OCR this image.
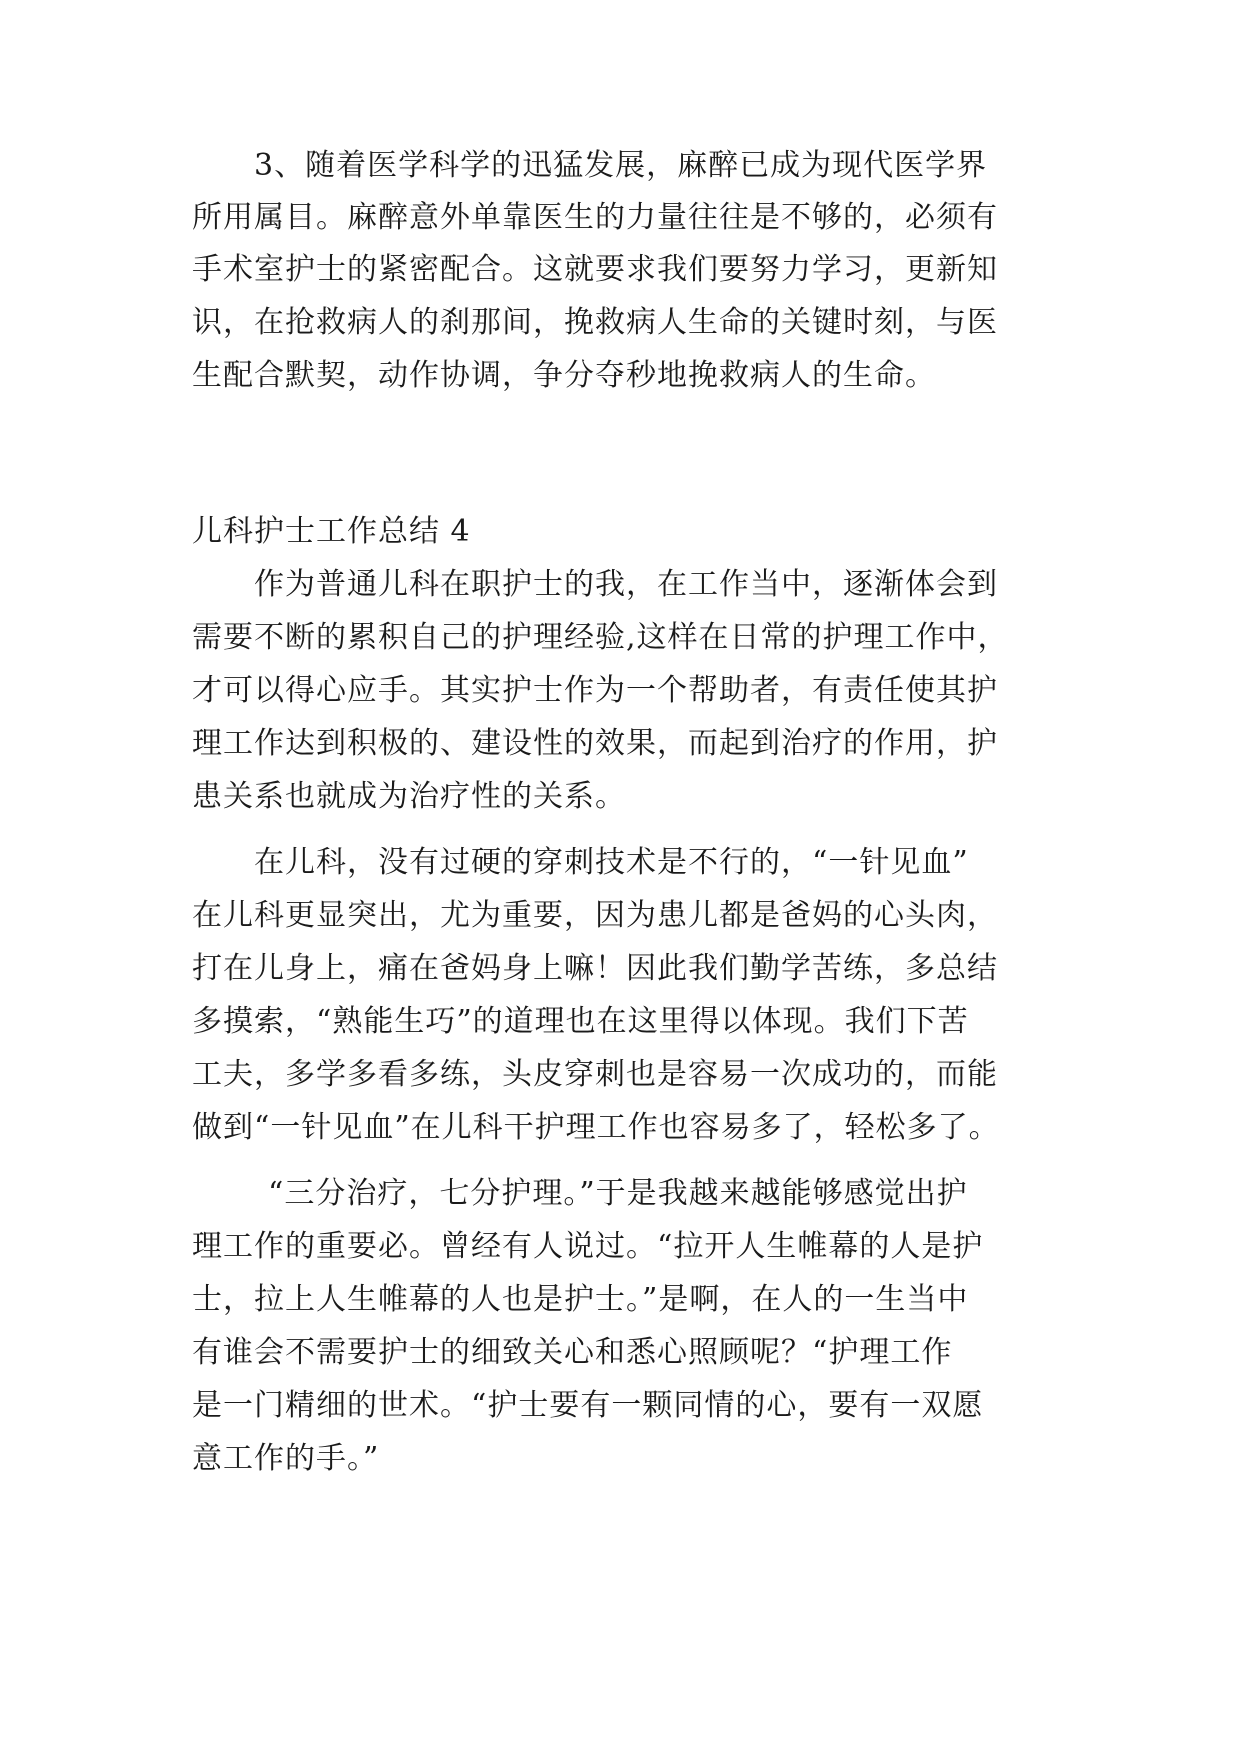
3、随着医学科学的迅猛发展，麻醉已成为现代医学界
所用属目。麻醉意外单靠医生的力量往往是不够的，必须有
手术室护士的紧密配合。这就要求我们要努力学习，更新知
识，在抢救病人的刹那间，挽救病人生命的关键时刻，与医
生配合默契，动作协调，争分夺秒地挽救病人的生命。
儿科护士工作总结 4
作为普通儿科在职护士的我，在工作当中，逐渐体会到
需要不断的累积自己的护理经验,这样在日常的护理工作中，
才可以得心应手。其实护士作为一个帮助者，有责任使其护
理工作达到积极的、建设性的效果，而起到治疗的作用，护
患关系也就成为治疗性的关系。
在儿科，没有过硬的穿刺技术是不行的，“一针见血”
在儿科更显突出，尤为重要，因为患儿都是爸妈的心头肉，
打在儿身上，痛在爸妈身上嘛！因此我们勤学苦练，多总结
多摸索，“熟能生巧”的道理也在这里得以体现。我们下苦
工夫，多学多看多练，头皮穿刺也是容易一次成功的，而能
做到“一针见血”在儿科干护理工作也容易多了，轻松多了。
“三分治疗，七分护理。”于是我越来越能够感觉出护
理工作的重要必。曾经有人说过。“拉开人生帷幕的人是护
士，拉上人生帷幕的人也是护士。”是啊，在人的一生当中
有谁会不需要护士的细致关心和悉心照顾呢？“护理工作
是一门精细的世术。“护士要有一颗同情的心，要有一双愿
意工作的手。”
